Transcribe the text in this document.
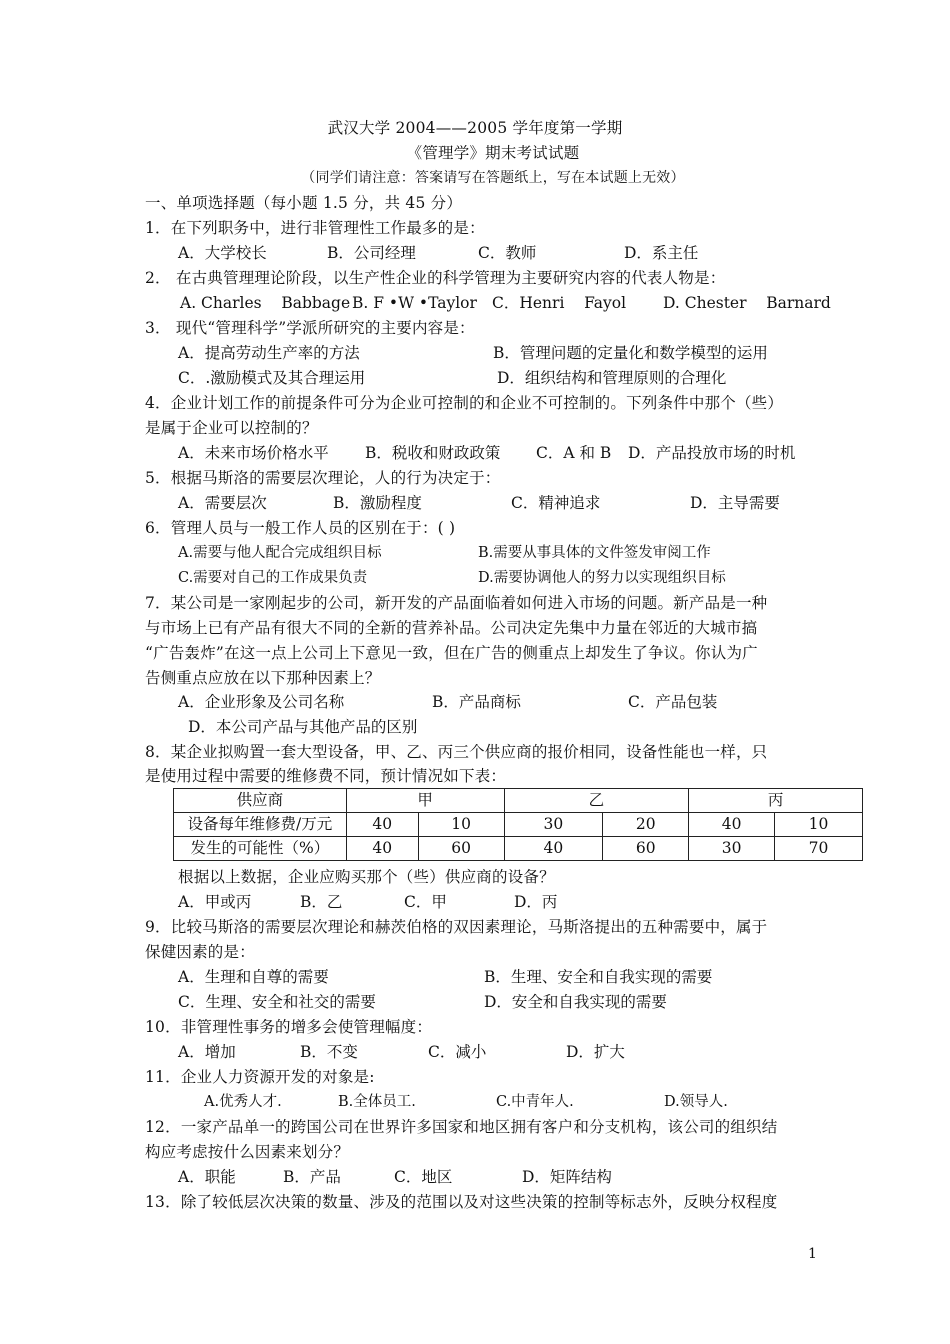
武汉大学 2004——2005 学年度第一学期
《管理学》期末考试试题
（同学们请注意：答案请写在答题纸上，写在本试题上无效）
一、单项选择题（每小题 1.5 分，共 45 分）
1．在下列职务中，进行非管理性工作最多的是：
A．大学校长	B．公司经理	C．教师	D．系主任
2． 在古典管理理论阶段，以生产性企业的科学管理为主要研究内容的代表人物是：
A. Charles    Babbage B. F •W •Taylor C．Henri    Fayol D. Chester    Barnard
3． 现代“管理科学”学派所研究的主要内容是：
A．提高劳动生产率的方法	B．管理问题的定量化和数学模型的运用
C．.激励模式及其合理运用	D．组织结构和管理原则的合理化
4．企业计划工作的前提条件可分为企业可控制的和企业不可控制的。下列条件中那个（些）
是属于企业可以控制的？
A．未来市场价格水平 B．税收和财政政策 C．A 和 B D．产品投放市场的时机
5．根据马斯洛的需要层次理论，人的行为决定于：
A．需要层次	B．激励程度	C．精神追求	D．主导需要
6．管理人员与一般工作人员的区别在于：( )
A.需要与他人配合完成组织目标	B.需要从事具体的文件签发审阅工作
C.需要对自己的工作成果负责	D.需要协调他人的努力以实现组织目标
7．某公司是一家刚起步的公司，新开发的产品面临着如何进入市场的问题。新产品是一种
与市场上已有产品有很大不同的全新的营养补品。公司决定先集中力量在邻近的大城市搞
“广告轰炸”在这一点上公司上下意见一致，但在广告的侧重点上却发生了争议。你认为广
告侧重点应放在以下那种因素上？
A．企业形象及公司名称	B．产品商标	C．产品包装
D．本公司产品与其他产品的区别
8．某企业拟购置一套大型设备，甲、乙、丙三个供应商的报价相同，设备性能也一样，只
是使用过程中需要的维修费不同，预计情况如下表：
供应商	甲		乙		丙	
设备每年维修费/万元	40	10	30	20	40	10
发生的可能性（%）	40	60	40	60	30	70
根据以上数据，企业应购买那个（些）供应商的设备？
A．甲或丙	B．乙	C．甲	D．丙
9．比较马斯洛的需要层次理论和赫茨伯格的双因素理论，马斯洛提出的五种需要中，属于
保健因素的是：
A．生理和自尊的需要	B．生理、安全和自我实现的需要
C．生理、安全和社交的需要	D．安全和自我实现的需要
10．非管理性事务的增多会使管理幅度：
A．增加	B．不变	C．减小	D．扩大
11．企业人力资源开发的对象是:
A.优秀人才.	B.全体员工.	C.中青年人.	D.领导人.
12．一家产品单一的跨国公司在世界许多国家和地区拥有客户和分支机构，该公司的组织结
构应考虑按什么因素来划分？
A．职能	B．产品	C．地区	D．矩阵结构
13．除了较低层次决策的数量、涉及的范围以及对这些决策的控制等标志外，反映分权程度
1
